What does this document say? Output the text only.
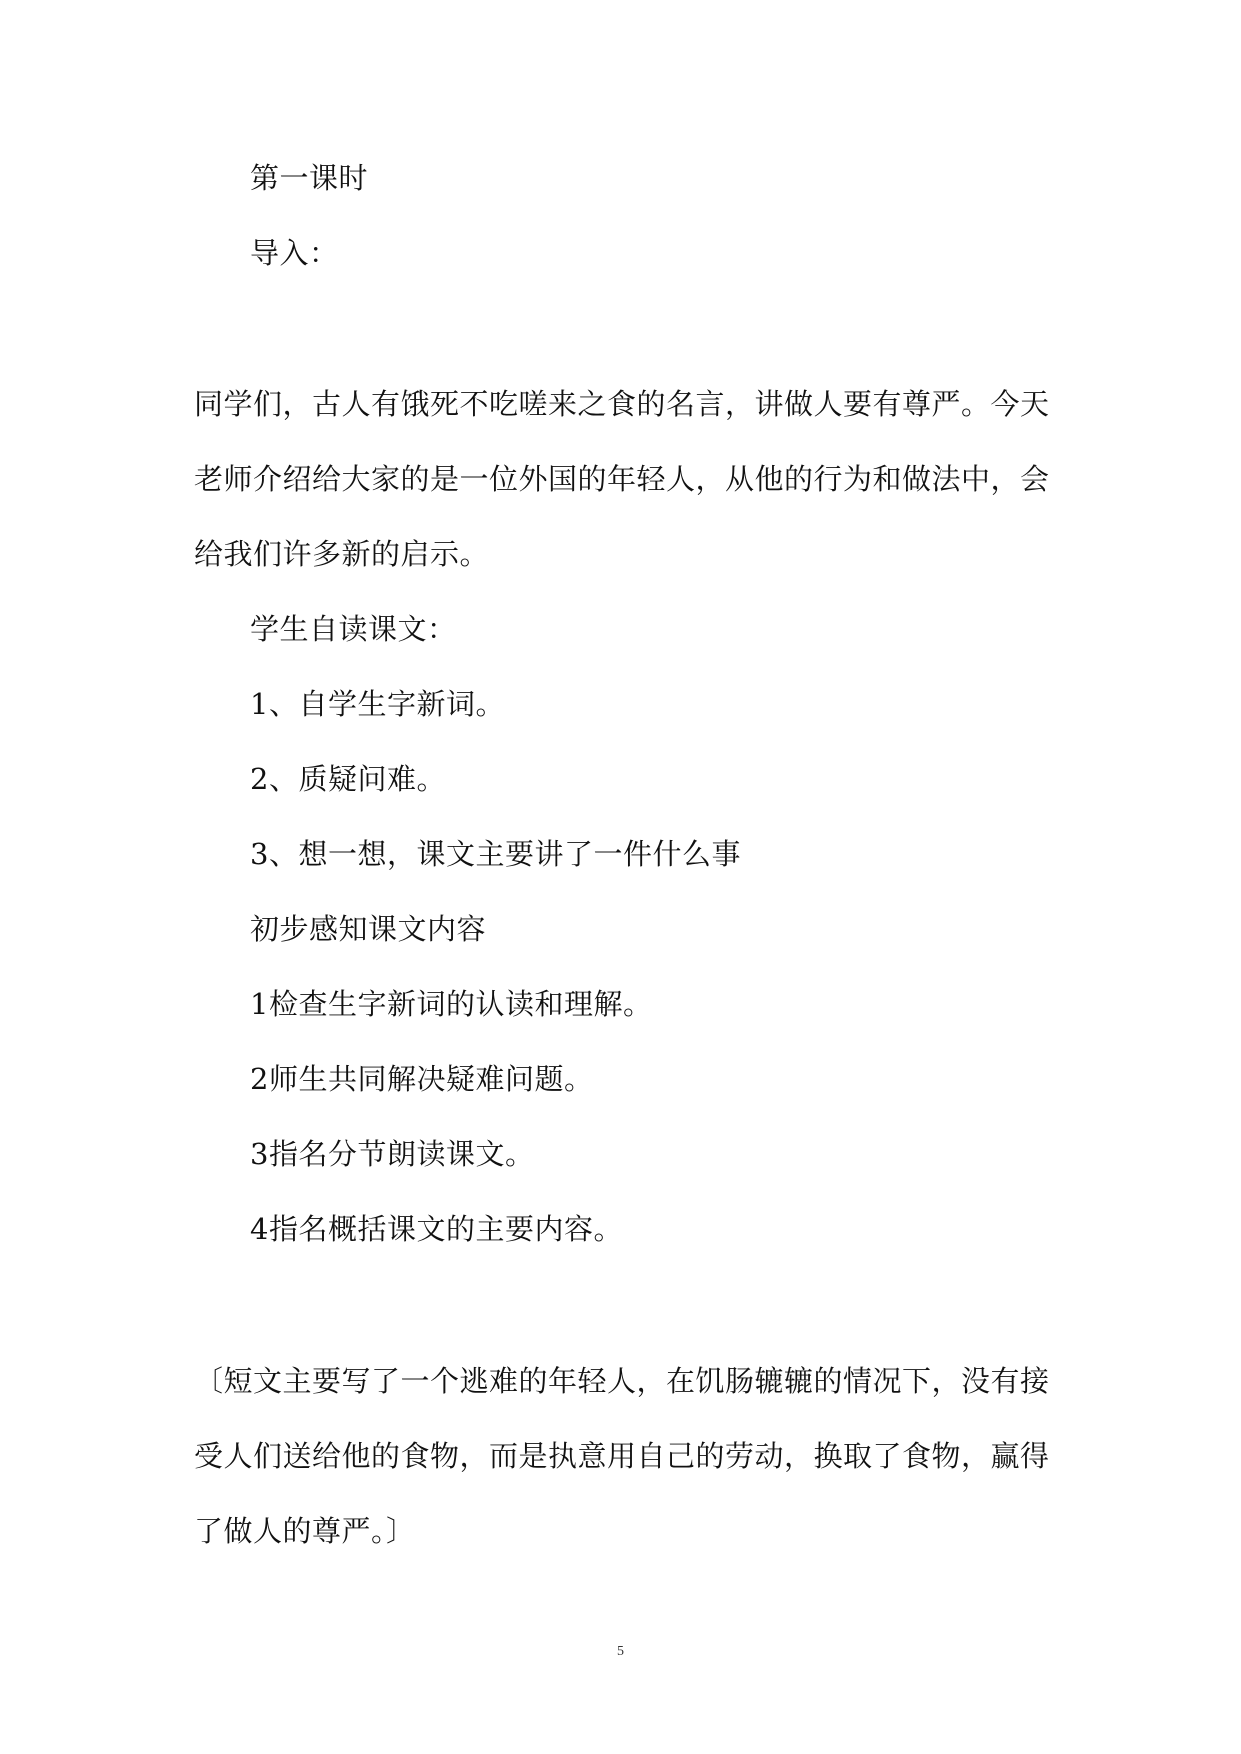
第一课时
导入：
同学们，古人有饿死不吃嗟来之食的名言，讲做人要有尊严。今天
老师介绍给大家的是一位外国的年轻人，从他的行为和做法中，会
给我们许多新的启示。
学生自读课文：
1、自学生字新词。
2、质疑问难。
3、想一想，课文主要讲了一件什么事
初步感知课文内容
1检查生字新词的认读和理解。
2师生共同解决疑难问题。
3指名分节朗读课文。
4指名概括课文的主要内容。
〔短文主要写了一个逃难的年轻人，在饥肠辘辘的情况下，没有接
受人们送给他的食物，而是执意用自己的劳动，换取了食物，赢得
了做人的尊严。〕
5
